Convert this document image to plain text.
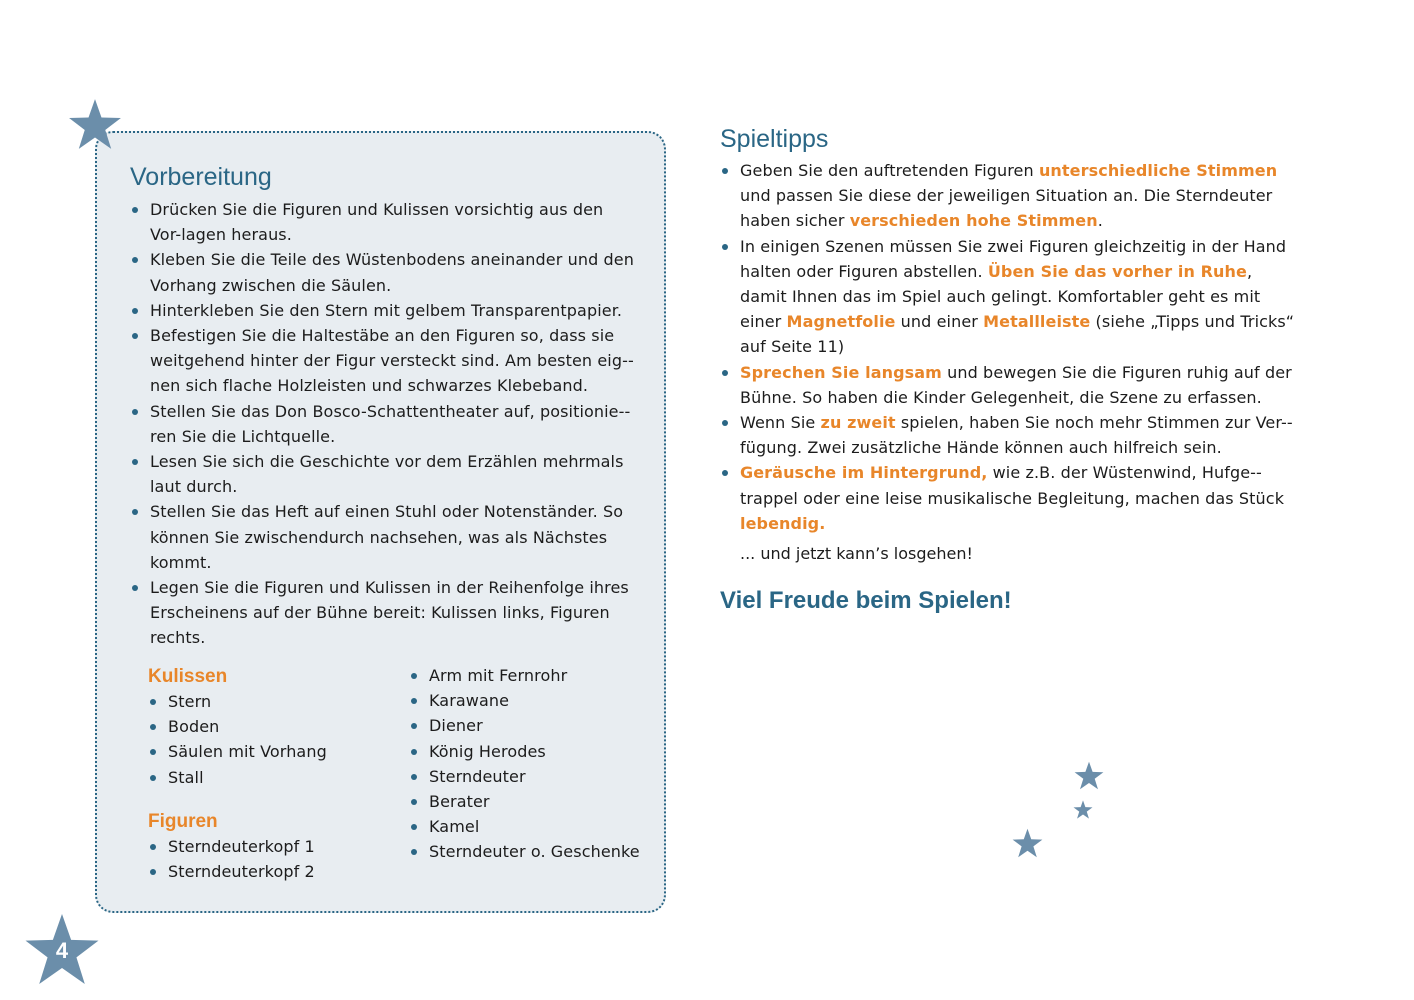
Vorbereitung
Drücken Sie die Figuren und Kulissen vorsichtig aus den Vor-lagen heraus.
Kleben Sie die Teile des Wüstenbodens aneinander und den Vorhang zwischen die Säulen.
Hinterkleben Sie den Stern mit gelbem Transparentpapier.
Befestigen Sie die Haltestäbe an den Figuren so, dass sie weitgehend hinter der Figur versteckt sind. Am besten eig-nen sich flache Holzleisten und schwarzes Klebeband.
Stellen Sie das Don Bosco-Schattentheater auf, positionie-ren Sie die Lichtquelle.
Lesen Sie sich die Geschichte vor dem Erzählen mehrmals laut durch.
Stellen Sie das Heft auf einen Stuhl oder Notenständer. So können Sie zwischendurch nachsehen, was als Nächstes kommt.
Legen Sie die Figuren und Kulissen in der Reihenfolge ihres Erscheinens auf der Bühne bereit: Kulissen links, Figuren rechts.
Kulissen
Stern
Boden
Säulen mit Vorhang
Stall
Figuren
Sterndeuterkopf 1
Sterndeuterkopf 2
Arm mit Fernrohr
Karawane
Diener
König Herodes
Sterndeuter
Berater
Kamel
Sterndeuter o. Geschenke
Spieltipps
Geben Sie den auftretenden Figuren unterschiedliche Stimmen und passen Sie diese der jeweiligen Situation an. Die Sterndeuter haben sicher verschieden hohe Stimmen.
In einigen Szenen müssen Sie zwei Figuren gleichzeitig in der Hand halten oder Figuren abstellen. Üben Sie das vorher in Ruhe, damit Ihnen das im Spiel auch gelingt. Komfortabler geht es mit einer Magnetfolie und einer Metallleiste (siehe „Tipps und Tricks“ auf Seite 11)
Sprechen Sie langsam und bewegen Sie die Figuren ruhig auf der Bühne. So haben die Kinder Gelegenheit, die Szene zu erfassen.
Wenn Sie zu zweit spielen, haben Sie noch mehr Stimmen zur Ver-fügung. Zwei zusätzliche Hände können auch hilfreich sein.
Geräusche im Hintergrund, wie z.B. der Wüstenwind, Hufge-trappel oder eine leise musikalische Begleitung, machen das Stück lebendig.

... und jetzt kann’s losgehen!

Viel Freude beim Spielen!
4
